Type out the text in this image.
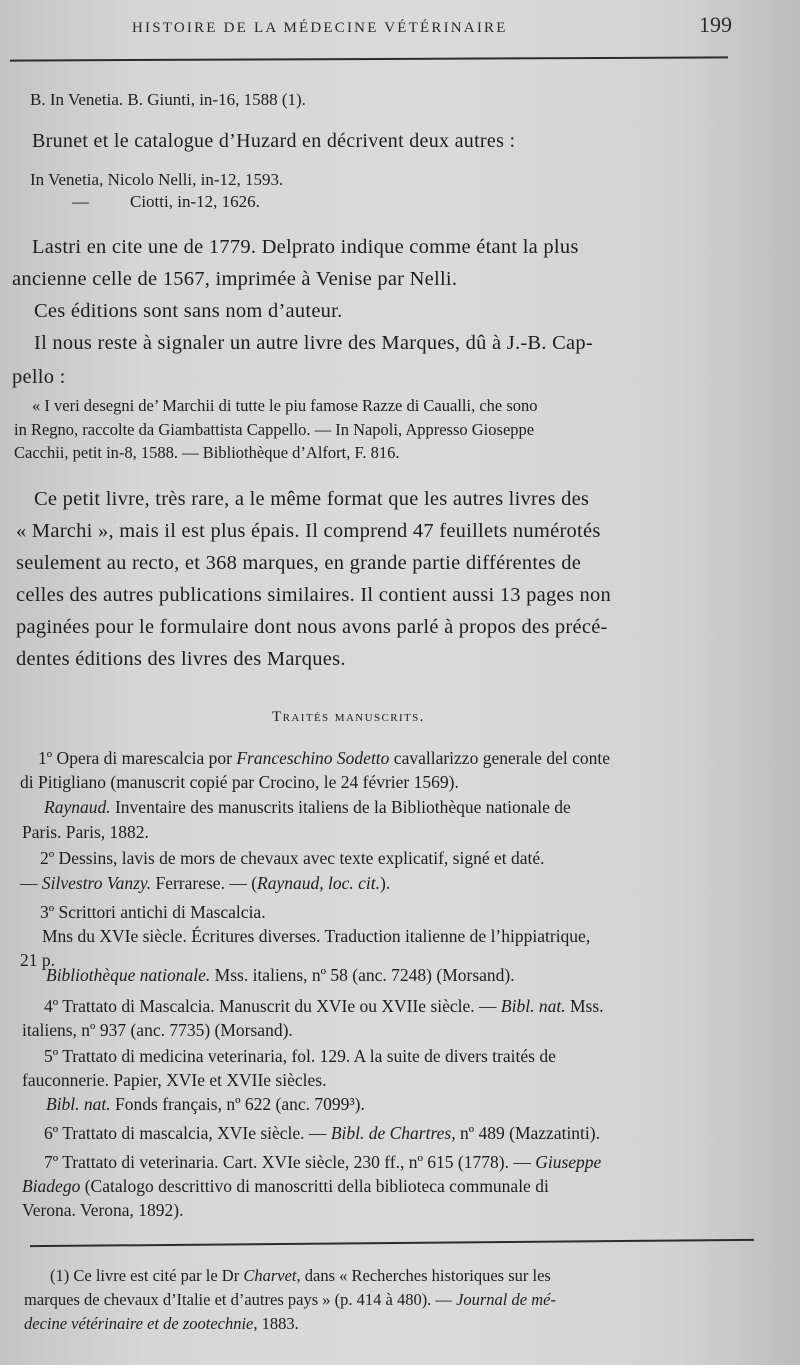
HISTOIRE DE LA MÉDECINE VÉTÉRINAIRE	199
B. In Venetia. B. Giunti, in-16, 1588 (1).
Brunet et le catalogue d’Huzard en décrivent deux autres :
In Venetia, Nicolo Nelli, in-12, 1593.
— Ciotti, in-12, 1626.
Lastri en cite une de 1779. Delprato indique comme étant la plus
ancienne celle de 1567, imprimée à Venise par Nelli.
Ces éditions sont sans nom d’auteur.
Il nous reste à signaler un autre livre des Marques, dû à J.-B. Cap-
pello :
« I veri desegni de’ Marchii di tutte le piu famose Razze di Caualli, che sono
in Regno, raccolte da Giambattista Cappello. — In Napoli, Appresso Gioseppe
Cacchii, petit in-8, 1588. — Bibliothèque d’Alfort, F. 816.
Ce petit livre, très rare, a le même format que les autres livres des
« Marchi », mais il est plus épais. Il comprend 47 feuillets numérotés
seulement au recto, et 368 marques, en grande partie différentes de
celles des autres publications similaires. Il contient aussi 13 pages non
paginées pour le formulaire dont nous avons parlé à propos des précé-
dentes éditions des livres des Marques.
Traités manuscrits.
1º Opera di marescalcia por Franceschino Sodetto cavallarizzo generale del conte
di Pitigliano (manuscrit copié par Crocino, le 24 février 1569).
Raynaud. Inventaire des manuscrits italiens de la Bibliothèque nationale de
Paris. Paris, 1882.
2º Dessins, lavis de mors de chevaux avec texte explicatif, signé et daté.
— Silvestro Vanzy. Ferrarese. — (Raynaud, loc. cit.).
3º Scrittori antichi di Mascalcia.
Mns du XVIe siècle. Écritures diverses. Traduction italienne de l’hippiatrique,
21 p.
Bibliothèque nationale. Mss. italiens, nº 58 (anc. 7248) (Morsand).
4º Trattato di Mascalcia. Manuscrit du XVIe ou XVIIe siècle. — Bibl. nat. Mss.
italiens, nº 937 (anc. 7735) (Morsand).
5º Trattato di medicina veterinaria, fol. 129. A la suite de divers traités de
fauconnerie. Papier, XVIe et XVIIe siècles.
Bibl. nat. Fonds français, nº 622 (anc. 7099³).
6º Trattato di mascalcia, XVIe siècle. — Bibl. de Chartres, nº 489 (Mazzatinti).
7º Trattato di veterinaria. Cart. XVIe siècle, 230 ff., nº 615 (1778). — Giuseppe
Biadego (Catalogo descrittivo di manoscritti della biblioteca communale di
Verona. Verona, 1892).
(1) Ce livre est cité par le Dr Charvet, dans « Recherches historiques sur les
marques de chevaux d’Italie et d’autres pays » (p. 414 à 480). — Journal de mé-
decine vétérinaire et de zootechnie, 1883.
